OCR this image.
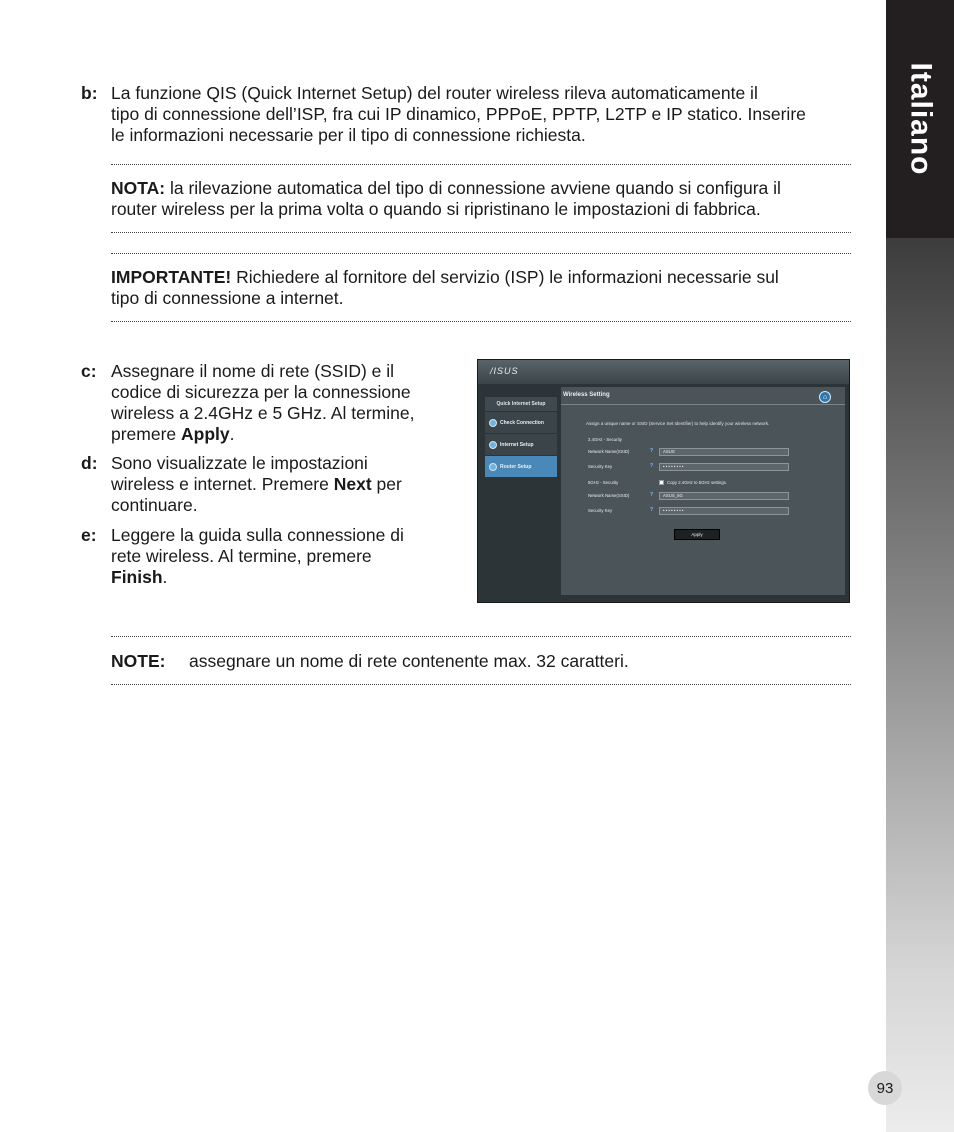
Italiano
b: La funzione QIS (Quick Internet Setup) del router wireless rileva automaticamente il
tipo di connessione dell’ISP, fra cui IP dinamico, PPPoE, PPTP, L2TP e IP statico. Inserire
le informazioni necessarie per il tipo di connessione richiesta.
NOTA: la rilevazione automatica del tipo di connessione avviene quando si configura il
router wireless per la prima volta o quando si ripristinano le impostazioni di fabbrica.
IMPORTANTE! Richiedere al fornitore del servizio (ISP) le informazioni necessarie sul
tipo di connessione a internet.
c: Assegnare il nome di rete (SSID) e il
codice di sicurezza per la connessione
wireless a 2.4GHz e 5 GHz. Al termine,
premere Apply.
d: Sono visualizzate le impostazioni
wireless e internet. Premere Next per
continuare.
e: Leggere la guida sulla connessione di
rete wireless. Al termine, premere
Finish.
/ISUS
Quick Internet Setup
Check Connection
Internet Setup
Router Setup
Wireless Setting	⌂
Assign a unique name or SSID (Service Set Identifier) to help identify your wireless network.
2.4GHz - Security
Network Name(SSID)	?	ASUS
Security Key	?	• • • • • • • •
5GHz - Security	Copy 2.4GHz to 5GHz settings.
Network Name(SSID)	?	ASUS_5G
Security Key	?	• • • • • • • •
Apply
NOTE: assegnare un nome di rete contenente max. 32 caratteri.
93
